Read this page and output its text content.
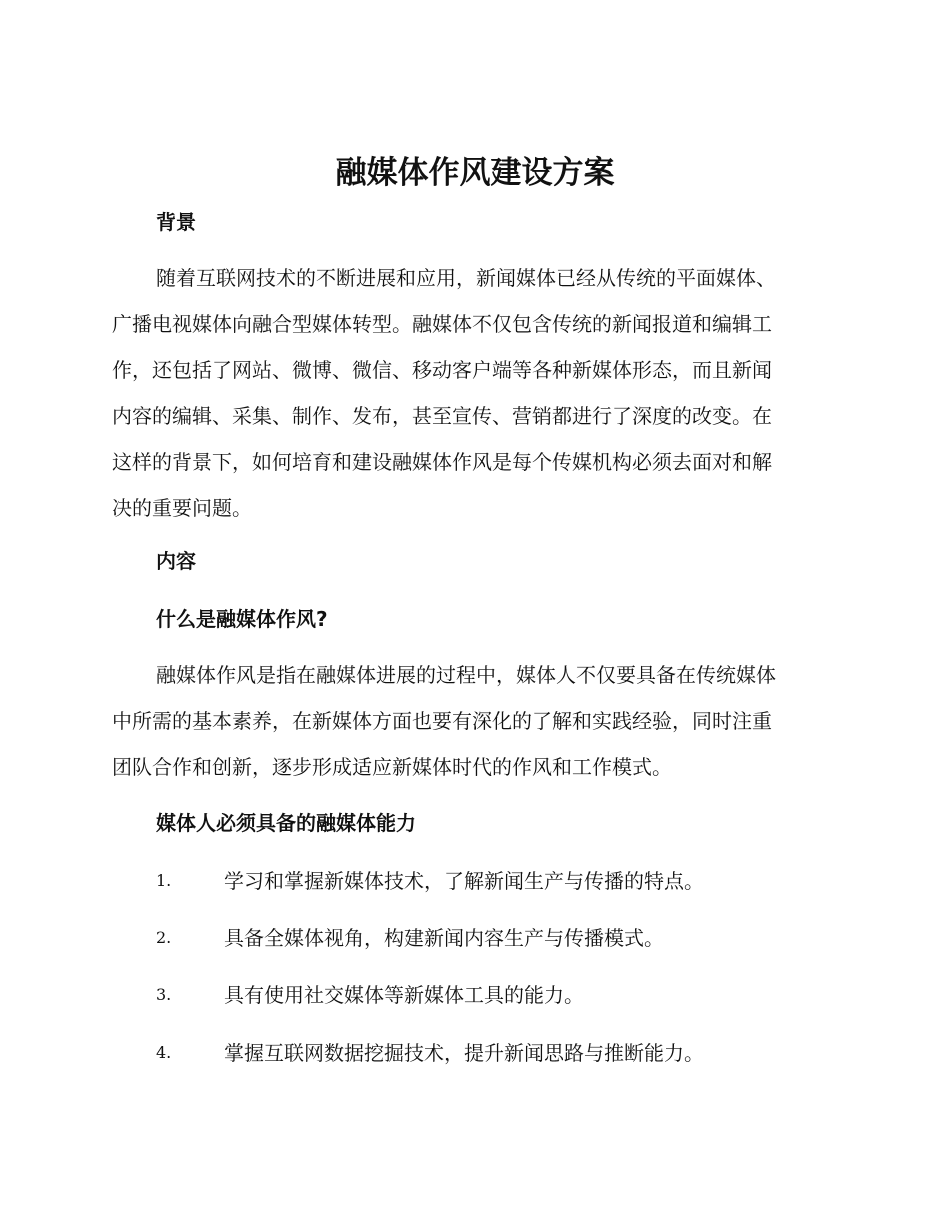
融媒体作风建设方案
背景
随着互联网技术的不断进展和应用，新闻媒体已经从传统的平面媒体、
广播电视媒体向融合型媒体转型。融媒体不仅包含传统的新闻报道和编辑工
作，还包括了网站、微博、微信、移动客户端等各种新媒体形态，而且新闻
内容的编辑、采集、制作、发布，甚至宣传、营销都进行了深度的改变。在
这样的背景下，如何培育和建设融媒体作风是每个传媒机构必须去面对和解
决的重要问题。
内容
什么是融媒体作风?
融媒体作风是指在融媒体进展的过程中，媒体人不仅要具备在传统媒体
中所需的基本素养，在新媒体方面也要有深化的了解和实践经验，同时注重
团队合作和创新，逐步形成适应新媒体时代的作风和工作模式。
媒体人必须具备的融媒体能力
1.	学习和掌握新媒体技术，了解新闻生产与传播的特点。
2.	具备全媒体视角，构建新闻内容生产与传播模式。
3.	具有使用社交媒体等新媒体工具的能力。
4.	掌握互联网数据挖掘技术，提升新闻思路与推断能力。
